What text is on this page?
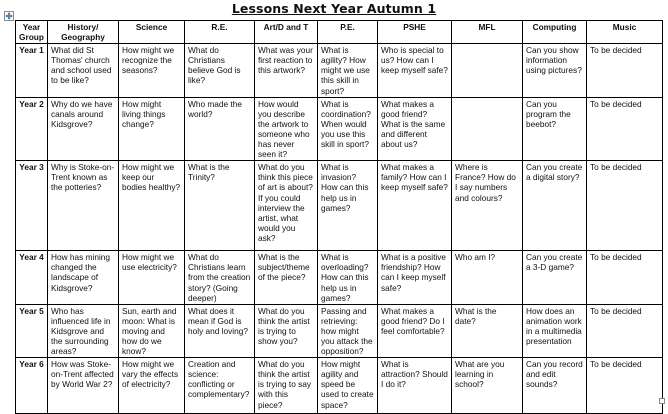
Lessons Next Year Autumn 1
Year Group	History/ Geography	Science	R.E.	Art/D and T	P.E.	PSHE	MFL	Computing	Music
Year 1	What did St Thomas' church and school used to be like?	How might we recognize the seasons?	What do Christians believe God is like?	What was your first reaction to this artwork?	What is agility? How might we use this skill in sport?	Who is special to us? How can I keep myself safe?		Can you show information using pictures?	To be decided
Year 2	Why do we have canals around Kidsgrove?	How might living things change?	Who made the world?	How would you describe the artwork to someone who has never seen it?	What is coordination? When would you use this skill in sport?	What makes a good friend? What is the same and different about us?		Can you program the beebot?	To be decided
Year 3	Why is Stoke-on-Trent known as the potteries?	How might we keep our bodies healthy?	What is the Trinity?	What do you think this piece of art is about? If you could interview the artist, what would you ask?	What is invasion? How can this help us in games?	What makes a family? How can I keep myself safe?	Where is France? How do I say numbers and colours?	Can you create a digital story?	To be decided
Year 4	How has mining changed the landscape of Kidsgrove?	How might we use electricity?	What do Christians learn from the creation story? (Going deeper)	What is the subject/theme of the piece?	What is overloading? How can this help us in games?	What is a positive friendship? How can I keep myself safe?	Who am I?	Can you create a 3-D game?	To be decided
Year 5	Who has influenced life in Kidsgrove and the surrounding areas?	Sun, earth and moon: What is moving and how do we know?	What does it mean if God is holy and loving?	What do you think the artist is trying to show you?	Passing and retrieving: how might you attack the opposition?	What makes a good friend? Do I feel comfortable?	What is the date?	How does an animation work in a multimedia presentation	To be decided
Year 6	How was Stoke-on-Trent affected by World War 2?	How might we vary the effects of electricity?	Creation and science: conflicting or complementary?	What do you think the artist is trying to say with this piece?	How might agility and speed be used to create space?	What is attraction? Should I do it?	What are you learning in school?	Can you record and edit sounds?	To be decided
